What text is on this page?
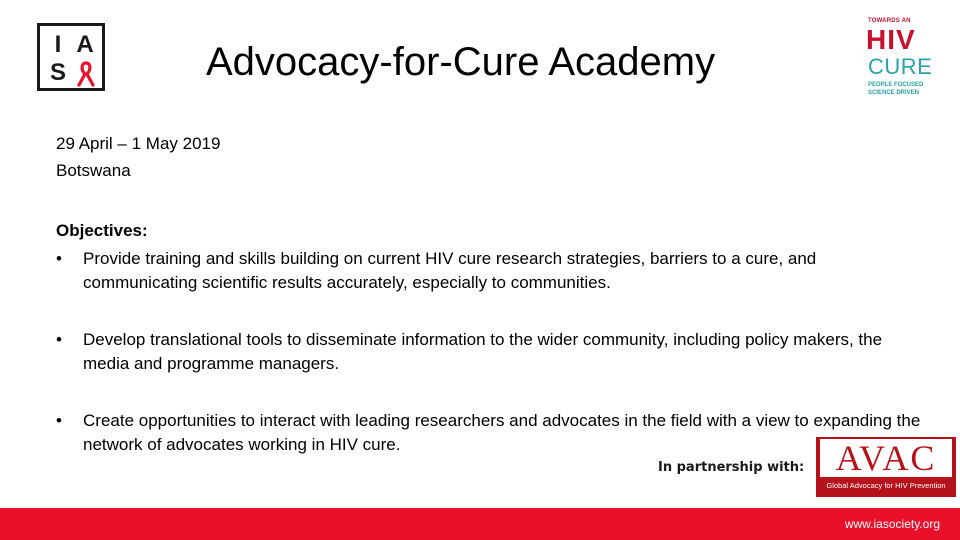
I A
S	Advocacy-for-Cure Academy
TOWARDS AN
HIV
CURE
PEOPLE FOCUSED
SCIENCE DRIVEN
29 April – 1 May 2019
Botswana
Objectives:
• Provide training and skills building on current HIV cure research strategies, barriers to a cure, and communicating scientific results accurately, especially to communities.
• Develop translational tools to disseminate information to the wider community, including policy makers, the media and programme managers.
• Create opportunities to interact with leading researchers and advocates in the field with a view to expanding the network of advocates working in HIV cure.
In partnership with: AVAC
Global Advocacy for HIV Prevention
www.iasociety.org
